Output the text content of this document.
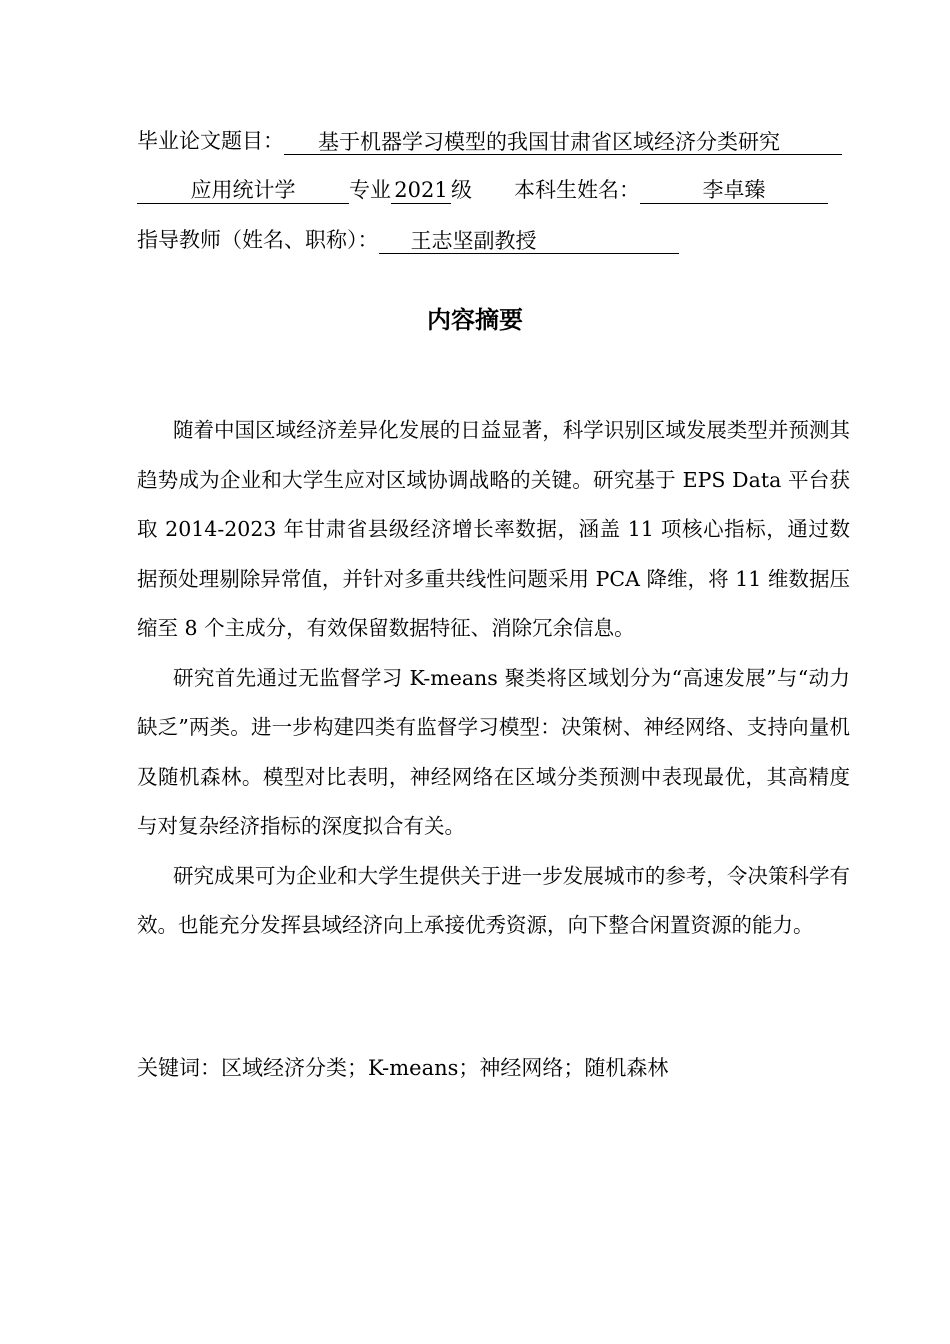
毕业论文题目： 基于机器学习模型的我国甘肃省区域经济分类研究
应用统计学	专业 2021 级 本科生姓名：	李卓臻
指导教师（姓名、职称）： 王志坚副教授
内容摘要

随着中国区域经济差异化发展的日益显著，科学识别区域发展类型并预测其趋势成为企业和大学生应对区域协调战略的关键。研究基于 EPS Data 平台获取 2014-2023 年甘肃省县级经济增长率数据，涵盖 11 项核心指标，通过数据预处理剔除异常值，并针对多重共线性问题采用 PCA 降维，将 11 维数据压缩至 8 个主成分，有效保留数据特征、消除冗余信息。

研究首先通过无监督学习 K-means 聚类将区域划分为“高速发展”与“动力缺乏”两类。进一步构建四类有监督学习模型：决策树、神经网络、支持向量机及随机森林。模型对比表明，神经网络在区域分类预测中表现最优，其高精度与对复杂经济指标的深度拟合有关。

研究成果可为企业和大学生提供关于进一步发展城市的参考，令决策科学有效。也能充分发挥县域经济向上承接优秀资源，向下整合闲置资源的能力。

关键词：区域经济分类；K-means；神经网络；随机森林
